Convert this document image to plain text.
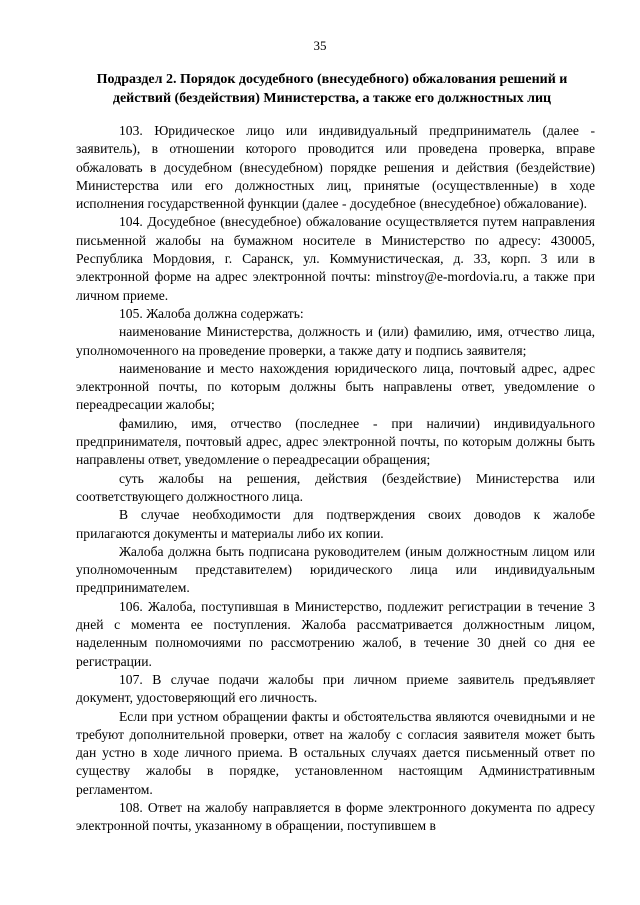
35
Подраздел 2. Порядок досудебного (внесудебного) обжалования решений и
действий (бездействия) Министерства, а также его должностных лиц

103. Юридическое лицо или индивидуальный предприниматель (далее - заявитель), в отношении которого проводится или проведена проверка, вправе обжаловать в досудебном (внесудебном) порядке решения и действия (бездействие) Министерства или его должностных лиц, принятые (осуществленные) в ходе исполнения государственной функции (далее - досудебное (внесудебное) обжалование).

104. Досудебное (внесудебное) обжалование осуществляется путем направления письменной жалобы на бумажном носителе в Министерство по адресу: 430005, Республика Мордовия, г. Саранск, ул. Коммунистическая, д. 33, корп. 3 или в электронной форме на адрес электронной почты: minstroy@e-mordovia.ru, а также при личном приеме.

105. Жалоба должна содержать:

наименование Министерства, должность и (или) фамилию, имя, отчество лица, уполномоченного на проведение проверки, а также дату и подпись заявителя;

наименование и место нахождения юридического лица, почтовый адрес, адрес электронной почты, по которым должны быть направлены ответ, уведомление о переадресации жалобы;

фамилию, имя, отчество (последнее - при наличии) индивидуального предпринимателя, почтовый адрес, адрес электронной почты, по которым должны быть направлены ответ, уведомление о переадресации обращения;

суть жалобы на решения, действия (бездействие) Министерства или соответствующего должностного лица.

В случае необходимости для подтверждения своих доводов к жалобе прилагаются документы и материалы либо их копии.

Жалоба должна быть подписана руководителем (иным должностным лицом или уполномоченным представителем) юридического лица или индивидуальным предпринимателем.

106. Жалоба, поступившая в Министерство, подлежит регистрации в течение 3 дней с момента ее поступления. Жалоба рассматривается должностным лицом, наделенным полномочиями по рассмотрению жалоб, в течение 30 дней со дня ее регистрации.

107. В случае подачи жалобы при личном приеме заявитель предъявляет документ, удостоверяющий его личность.

Если при устном обращении факты и обстоятельства являются очевидными и не требуют дополнительной проверки, ответ на жалобу с согласия заявителя может быть дан устно в ходе личного приема. В остальных случаях дается письменный ответ по существу жалобы в порядке, установленном настоящим Административным регламентом.

108. Ответ на жалобу направляется в форме электронного документа по адресу электронной почты, указанному в обращении, поступившем в
